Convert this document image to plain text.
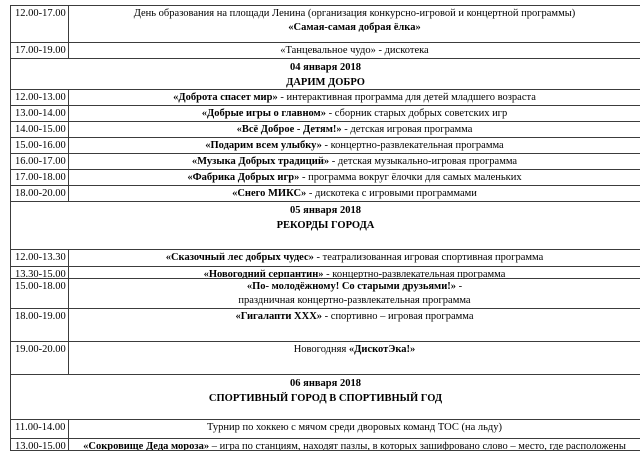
12.00-17.00	День образования на площади Ленина (организация конкурсно-игровой и концертной программы)
«Самая-самая добрая ёлка»
17.00-19.00	«Танцевальное чудо» - дискотека
04 января 2018
ДАРИМ ДОБРО
12.00-13.00	«Доброта спасет мир» - интерактивная программа для детей младшего возраста
13.00-14.00	«Добрые игры о главном» - сборник старых добрых советских игр
14.00-15.00	«Всё Доброе - Детям!» - детская игровая программа
15.00-16.00	«Подарим всем улыбку» - концертно-развлекательная программа
16.00-17.00	«Музыка Добрых традиций» - детская музыкально-игровая программа
17.00-18.00	«Фабрика Добрых игр» - программа вокруг ёлочки для самых маленьких
18.00-20.00	«Снего МИКС» - дискотека с игровыми программами
05 января 2018
РЕКОРДЫ ГОРОДА
12.00-13.30	«Сказочный лес добрых чудес» - театрализованная игровая спортивная программа
13.30-15.00	«Новогодний серпантин» - концертно-развлекательная программа
15.00-18.00	«По- молодёжному! Со старыми друзьями!» -
праздничная концертно-развлекательная программа
18.00-19.00	«Гигалапти XXX» - спортивно – игровая программа
19.00-20.00	Новогодняя «ДискотЭка!»
06 января 2018
СПОРТИВНЫЙ ГОРОД В СПОРТИВНЫЙ ГОД
11.00-14.00	Турнир по хоккею с мячом среди дворовых команд ТОС (на льду)
13.00-15.00	«Сокровище Деда мороза» – игра по станциям, находят пазлы, в которых зашифровано слово – место, где расположены
